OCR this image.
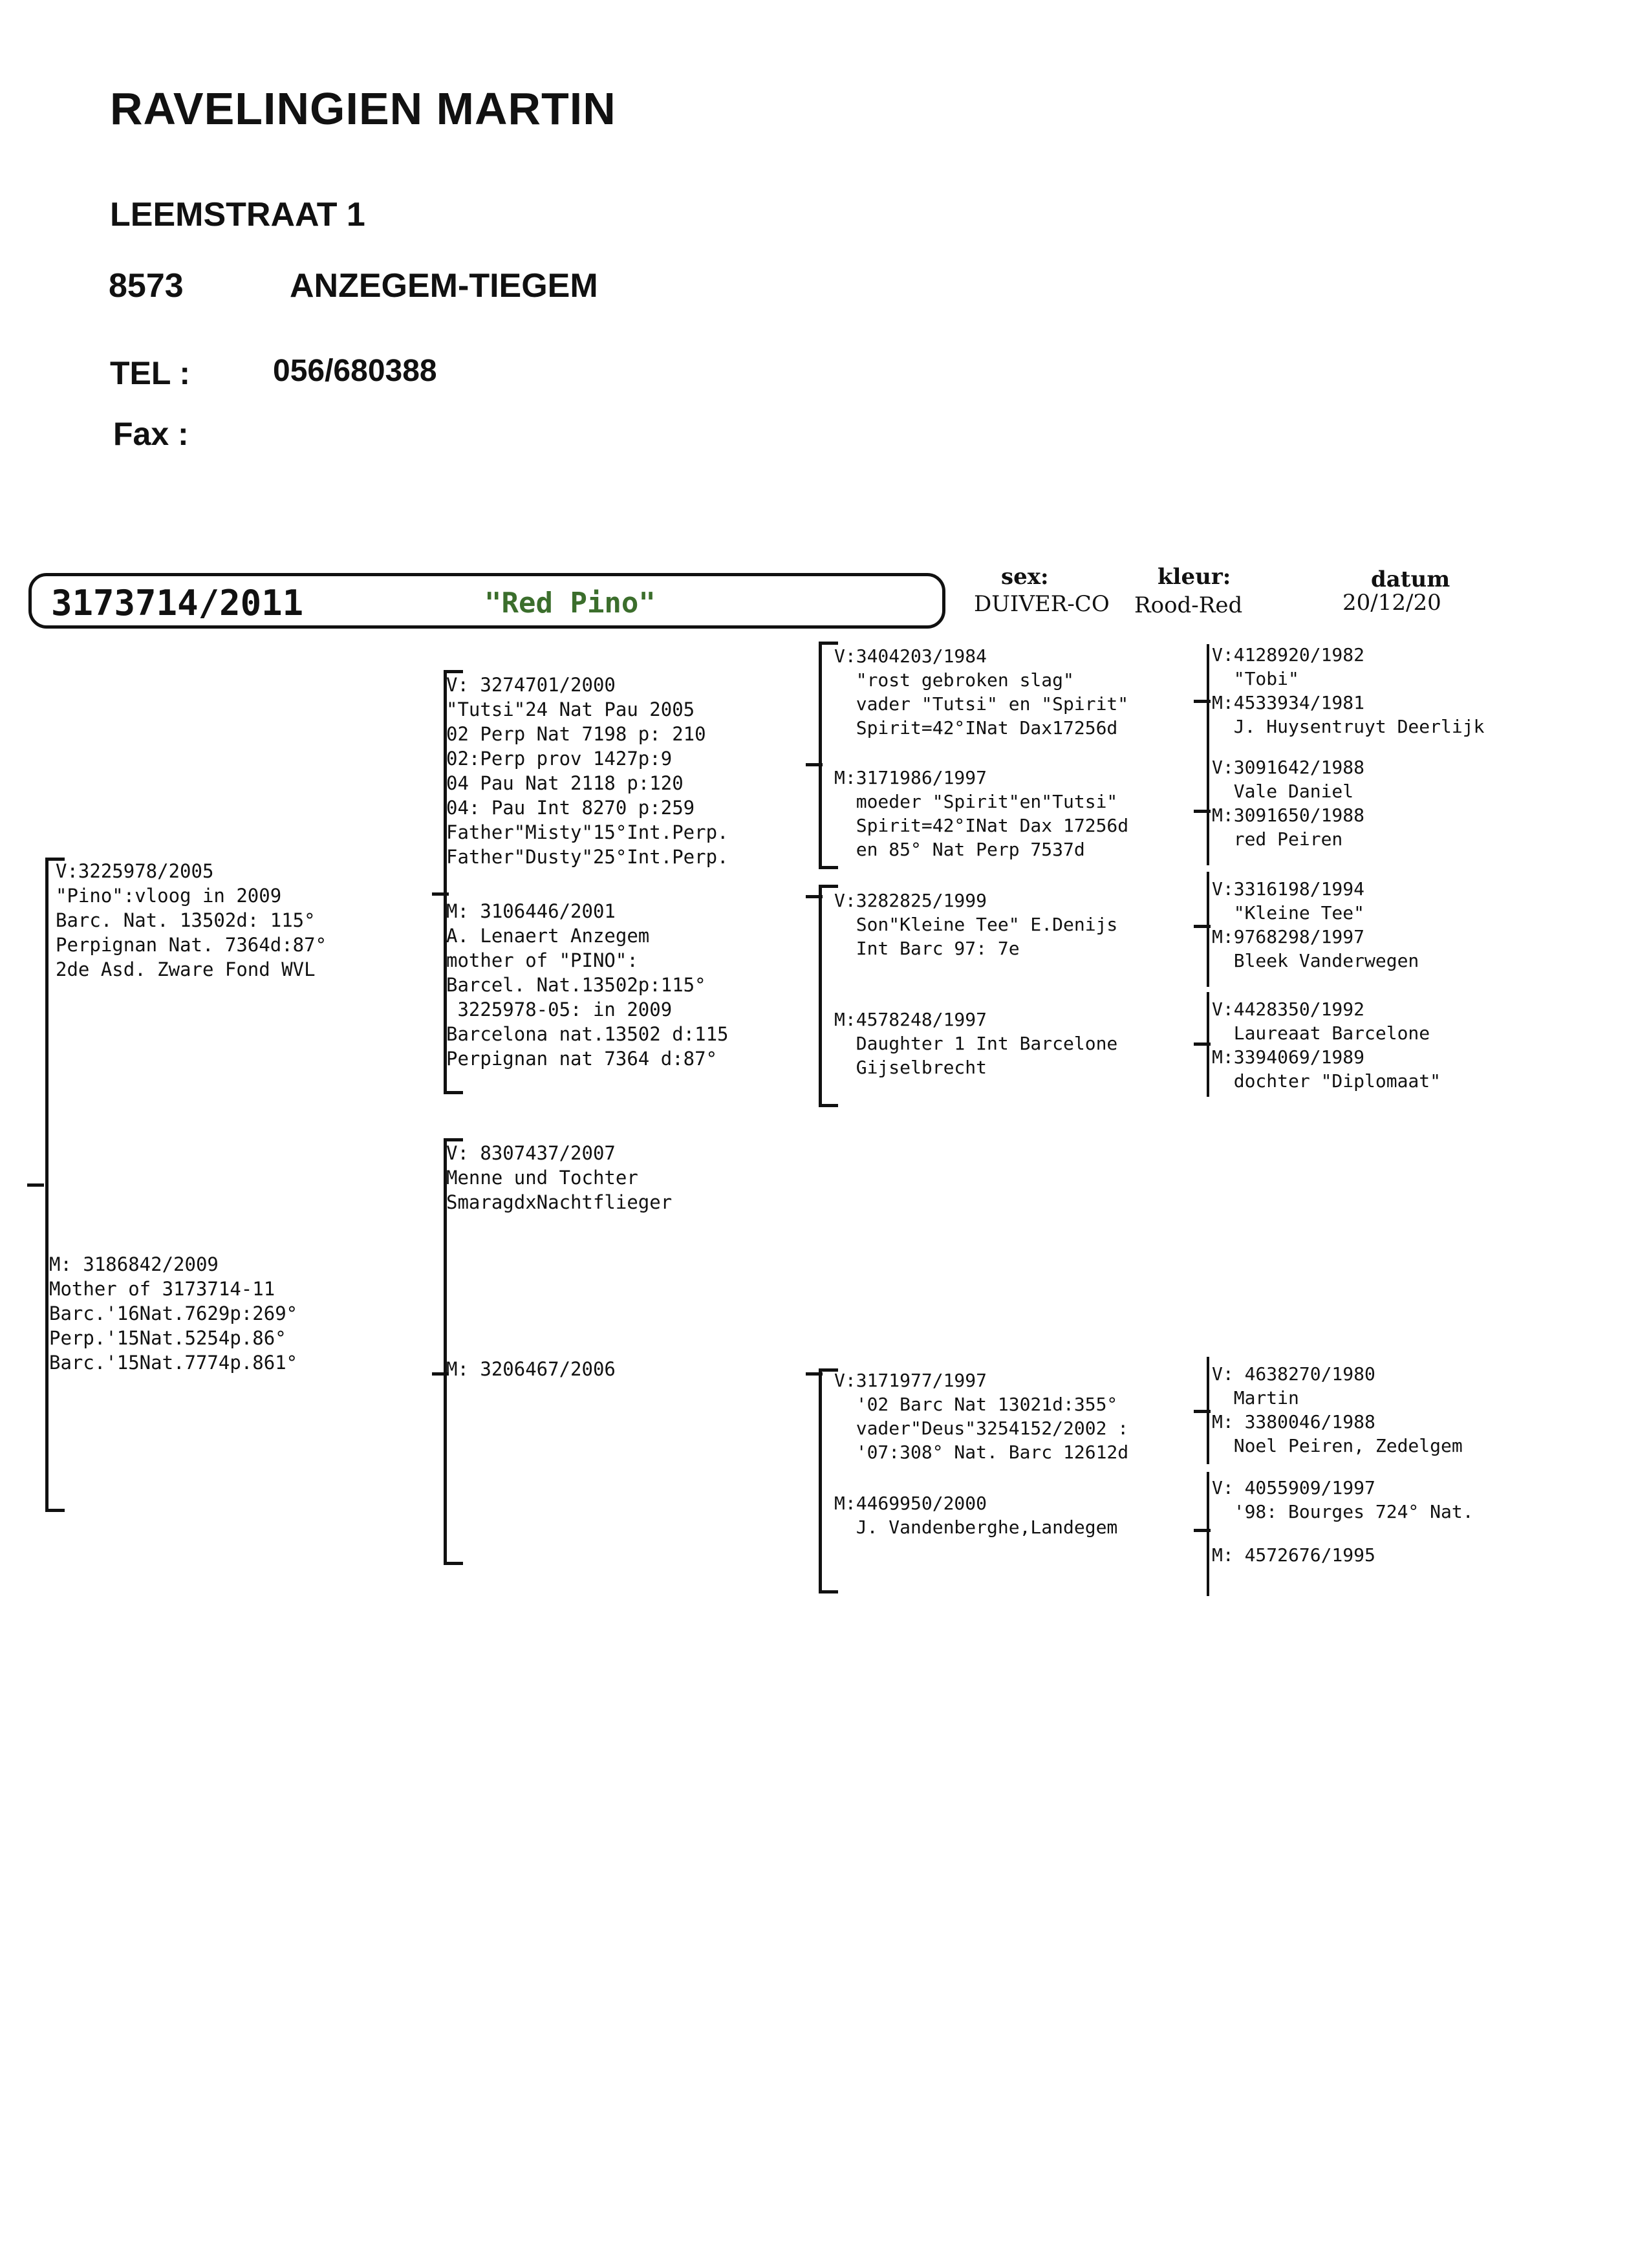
RAVELINGIEN MARTIN
LEEMSTRAAT 1
8573	ANZEGEM-TIEGEM
TEL :	056/680388
Fax :
3173714/2011	"Red Pino"
sex:
DUIVER-CO
kleur:
Rood-Red
datum
20/12/20
V:3225978/2005
"Pino":vloog in 2009
Barc. Nat. 13502d: 115°
Perpignan Nat. 7364d:87°
2de Asd. Zware Fond WVL
M: 3186842/2009
Mother of 3173714-11
Barc.'16Nat.7629p:269°
Perp.'15Nat.5254p.86°
Barc.'15Nat.7774p.861°
V: 3274701/2000
"Tutsi"24 Nat Pau 2005
02 Perp Nat 7198 p: 210
02:Perp prov 1427p:9
04 Pau Nat 2118 p:120
04: Pau Int 8270 p:259
Father"Misty"15°Int.Perp.
Father"Dusty"25°Int.Perp.
M: 3106446/2001
A. Lenaert Anzegem
mother of "PINO":
Barcel. Nat.13502p:115°
3225978-05: in 2009
Barcelona nat.13502 d:115
Perpignan nat 7364 d:87°
V: 8307437/2007
Menne und Tochter
SmaragdxNachtflieger
M: 3206467/2006
V:3404203/1984
"rost gebroken slag"
vader "Tutsi" en "Spirit"
Spirit=42°INat Dax17256d
M:3171986/1997
moeder "Spirit"en"Tutsi"
Spirit=42°INat Dax 17256d
en 85° Nat Perp 7537d
V:3282825/1999
Son"Kleine Tee" E.Denijs
Int Barc 97: 7e
M:4578248/1997
Daughter 1 Int Barcelone
Gijselbrecht
V:3171977/1997
'02 Barc Nat 13021d:355°
vader"Deus"3254152/2002 :
'07:308° Nat. Barc 12612d
M:4469950/2000
J. Vandenberghe,Landegem
V:4128920/1982
"Tobi"
M:4533934/1981
J. Huysentruyt Deerlijk
V:3091642/1988
Vale Daniel
M:3091650/1988
red Peiren
V:3316198/1994
"Kleine Tee"
M:9768298/1997
Bleek Vanderwegen
V:4428350/1992
Laureaat Barcelone
M:3394069/1989
dochter "Diplomaat"
V: 4638270/1980
Martin
M: 3380046/1988
Noel Peiren, Zedelgem
V: 4055909/1997
'98: Bourges 724° Nat.
M: 4572676/1995
